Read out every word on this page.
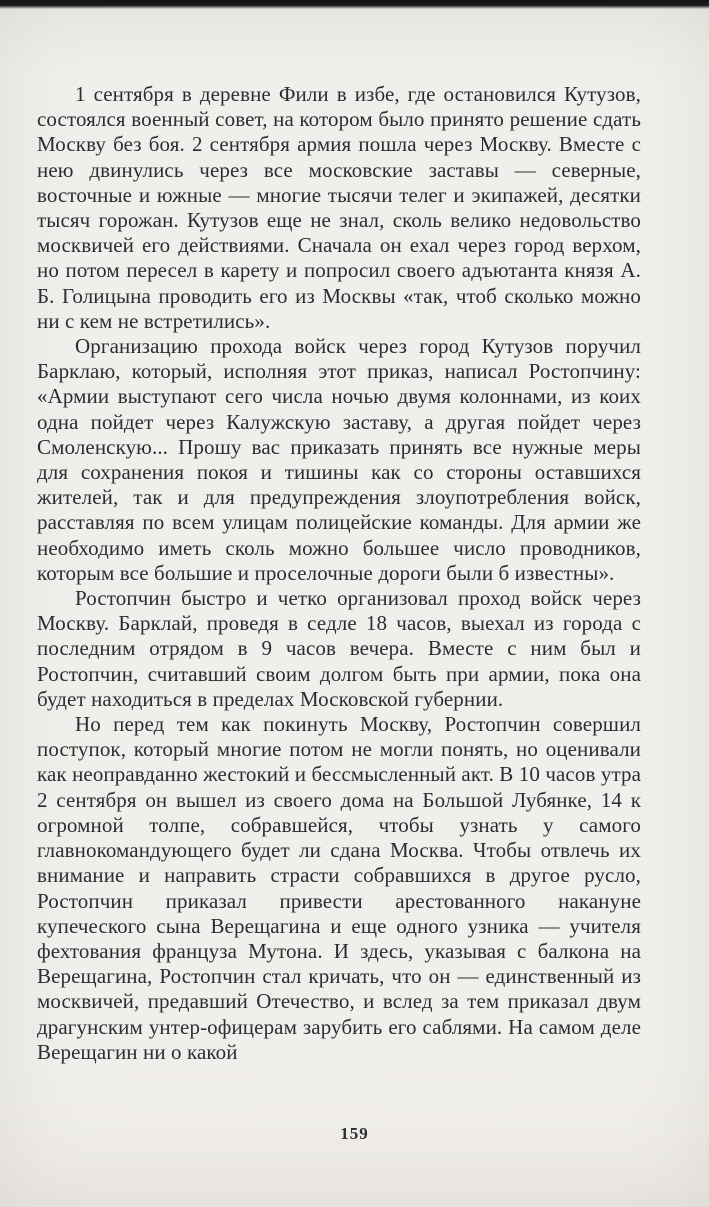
1 сентября в деревне Фили в избе, где остановился Кутузов, состоялся военный совет, на котором было принято решение сдать Москву без боя. 2 сентября армия пошла через Москву. Вместе с нею двинулись через все московские заставы — северные, восточные и южные — многие тысячи телег и экипажей, десятки тысяч горожан. Кутузов еще не знал, сколь велико недовольство москвичей его действиями. Сначала он ехал через город верхом, но потом пересел в карету и попросил своего адъютанта князя А. Б. Голицына проводить его из Москвы «так, чтоб сколько можно ни с кем не встретились».

Организацию прохода войск через город Кутузов поручил Барклаю, который, исполняя этот приказ, написал Ростопчину: «Армии выступают сего числа ночью двумя колоннами, из коих одна пойдет через Калужскую заставу, а другая пойдет через Смоленскую... Прошу вас приказать принять все нужные меры для сохранения покоя и тишины как со стороны оставшихся жителей, так и для предупреждения злоупотребления войск, расставляя по всем улицам полицейские команды. Для армии же необходимо иметь сколь можно большее число проводников, которым все большие и проселочные дороги были б известны».

Ростопчин быстро и четко организовал проход войск через Москву. Барклай, проведя в седле 18 часов, выехал из города с последним отрядом в 9 часов вечера. Вместе с ним был и Ростопчин, считавший своим долгом быть при армии, пока она будет находиться в пределах Московской губернии.

Но перед тем как покинуть Москву, Ростопчин совершил поступок, который многие потом не могли понять, но оценивали как неоправданно жестокий и бессмысленный акт. В 10 часов утра 2 сентября он вышел из своего дома на Большой Лубянке, 14 к огромной толпе, собравшейся, чтобы узнать у самого главнокомандующего будет ли сдана Москва. Чтобы отвлечь их внимание и направить страсти собравшихся в другое русло, Ростопчин приказал привести арестованного накануне купеческого сына Верещагина и еще одного узника — учителя фехтования француза Мутона. И здесь, указывая с балкона на Верещагина, Ростопчин стал кричать, что он — единственный из москвичей, предавший Отечество, и вслед за тем приказал двум драгунским унтер-офицерам зарубить его саблями. На самом деле Верещагин ни о какой

159
